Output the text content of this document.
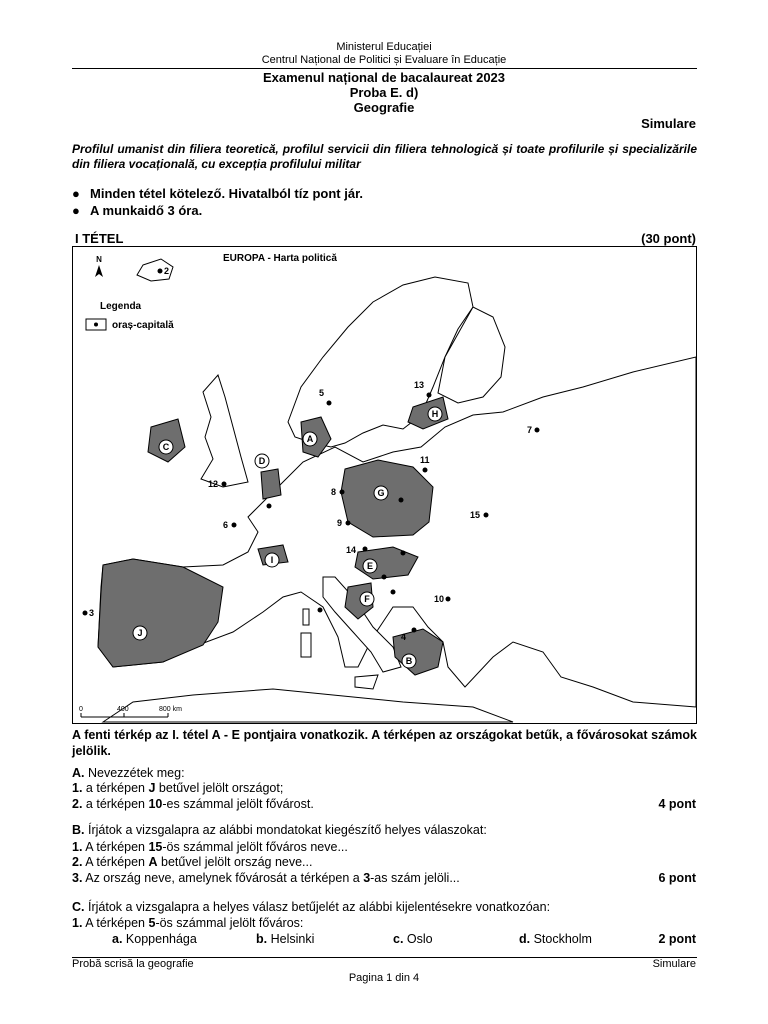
Ministerul Educației
Centrul Național de Politici și Evaluare în Educație
Examenul național de bacalaureat 2023
Proba E. d)
Geografie
Simulare
Profilul umanist din filiera teoretică, profilul servicii din filiera tehnologică și toate profilurile și specializările din filiera vocațională, cu excepția profilului militar
● Minden tétel kötelező. Hivatalból tíz pont jár.
● A munkaidő 3 óra.
I TÉTEL	(30 pont)
A
B
C
D
E
F
G
H
I
J
2
3
4
5
6
7
8
9
10
11
12
13
14
15
N	EUROPA - Harta politică
Legenda
oraș-capitală
0	400	800 km
A fenti térkép az I. tétel A - E pontjaira vonatkozik. A térképen az országokat betűk, a fővárosokat számok jelölik.
A. Nevezzétek meg:
1. a térképen J betűvel jelölt országot;
2. a térképen 10-es számmal jelölt fővárost.	4 pont
B. Írjátok a vizsgalapra az alábbi mondatokat kiegészítő helyes válaszokat:
1. A térképen 15-ös számmal jelölt főváros neve...
2. A térképen A betűvel jelölt ország neve...
3. Az ország neve, amelynek fővárosát a térképen a 3-as szám jelöli...	6 pont
C. Írjátok a vizsgalapra a helyes válasz betűjelét az alábbi kijelentésekre vonatkozóan:
1. A térképen 5-ös számmal jelölt főváros:
a. Koppenhága	b. Helsinki	c. Oslo	d. Stockholm	2 pont
Probă scrisă la geografie	Simulare
Pagina 1 din 4
